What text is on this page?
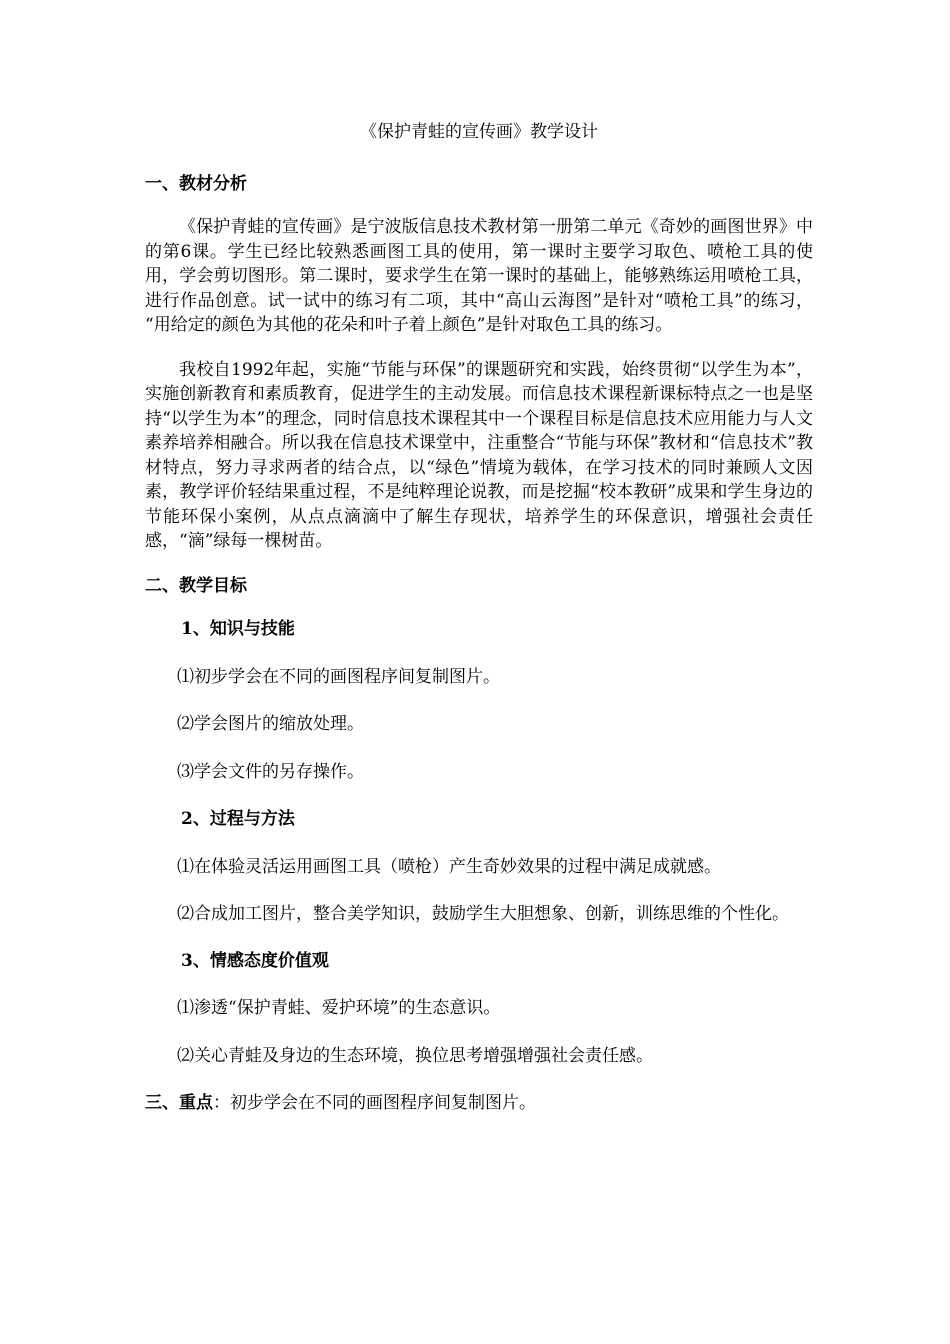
《保护青蛙的宣传画》教学设计

一、教材分析

《保护青蛙的宣传画》是宁波版信息技术教材第一册第二单元《奇妙的画图世界》中的第6课。学生已经比较熟悉画图工具的使用，第一课时主要学习取色、喷枪工具的使用，学会剪切图形。第二课时，要求学生在第一课时的基础上，能够熟练运用喷枪工具，进行作品创意。试一试中的练习有二项，其中“高山云海图”是针对“喷枪工具”的练习， “用给定的颜色为其他的花朵和叶子着上颜色”是针对取色工具的练习。

我校自1992年起，实施“节能与环保”的课题研究和实践，始终贯彻“以学生为本”，实施创新教育和素质教育，促进学生的主动发展。而信息技术课程新课标特点之一也是坚持“以学生为本”的理念，同时信息技术课程其中一个课程目标是信息技术应用能力与人文素养培养相融合。所以我在信息技术课堂中，注重整合“节能与环保”教材和“信息技术”教材特点，努力寻求两者的结合点，以“绿色”情境为载体，在学习技术的同时兼顾人文因素，教学评价轻结果重过程，不是纯粹理论说教，而是挖掘“校本教研”成果和学生身边的节能环保小案例，从点点滴滴中了解生存现状，培养学生的环保意识，增强社会责任感，“滴”绿每一棵树苗。

二、教学目标

1、知识与技能

⑴初步学会在不同的画图程序间复制图片。

⑵学会图片的缩放处理。

⑶学会文件的另存操作。

2、过程与方法

⑴在体验灵活运用画图工具（喷枪）产生奇妙效果的过程中满足成就感。

⑵合成加工图片，整合美学知识，鼓励学生大胆想象、创新，训练思维的个性化。

3、情感态度价值观

⑴渗透“保护青蛙、爱护环境”的生态意识。

⑵关心青蛙及身边的生态环境，换位思考增强增强社会责任感。

三、重点：初步学会在不同的画图程序间复制图片。
